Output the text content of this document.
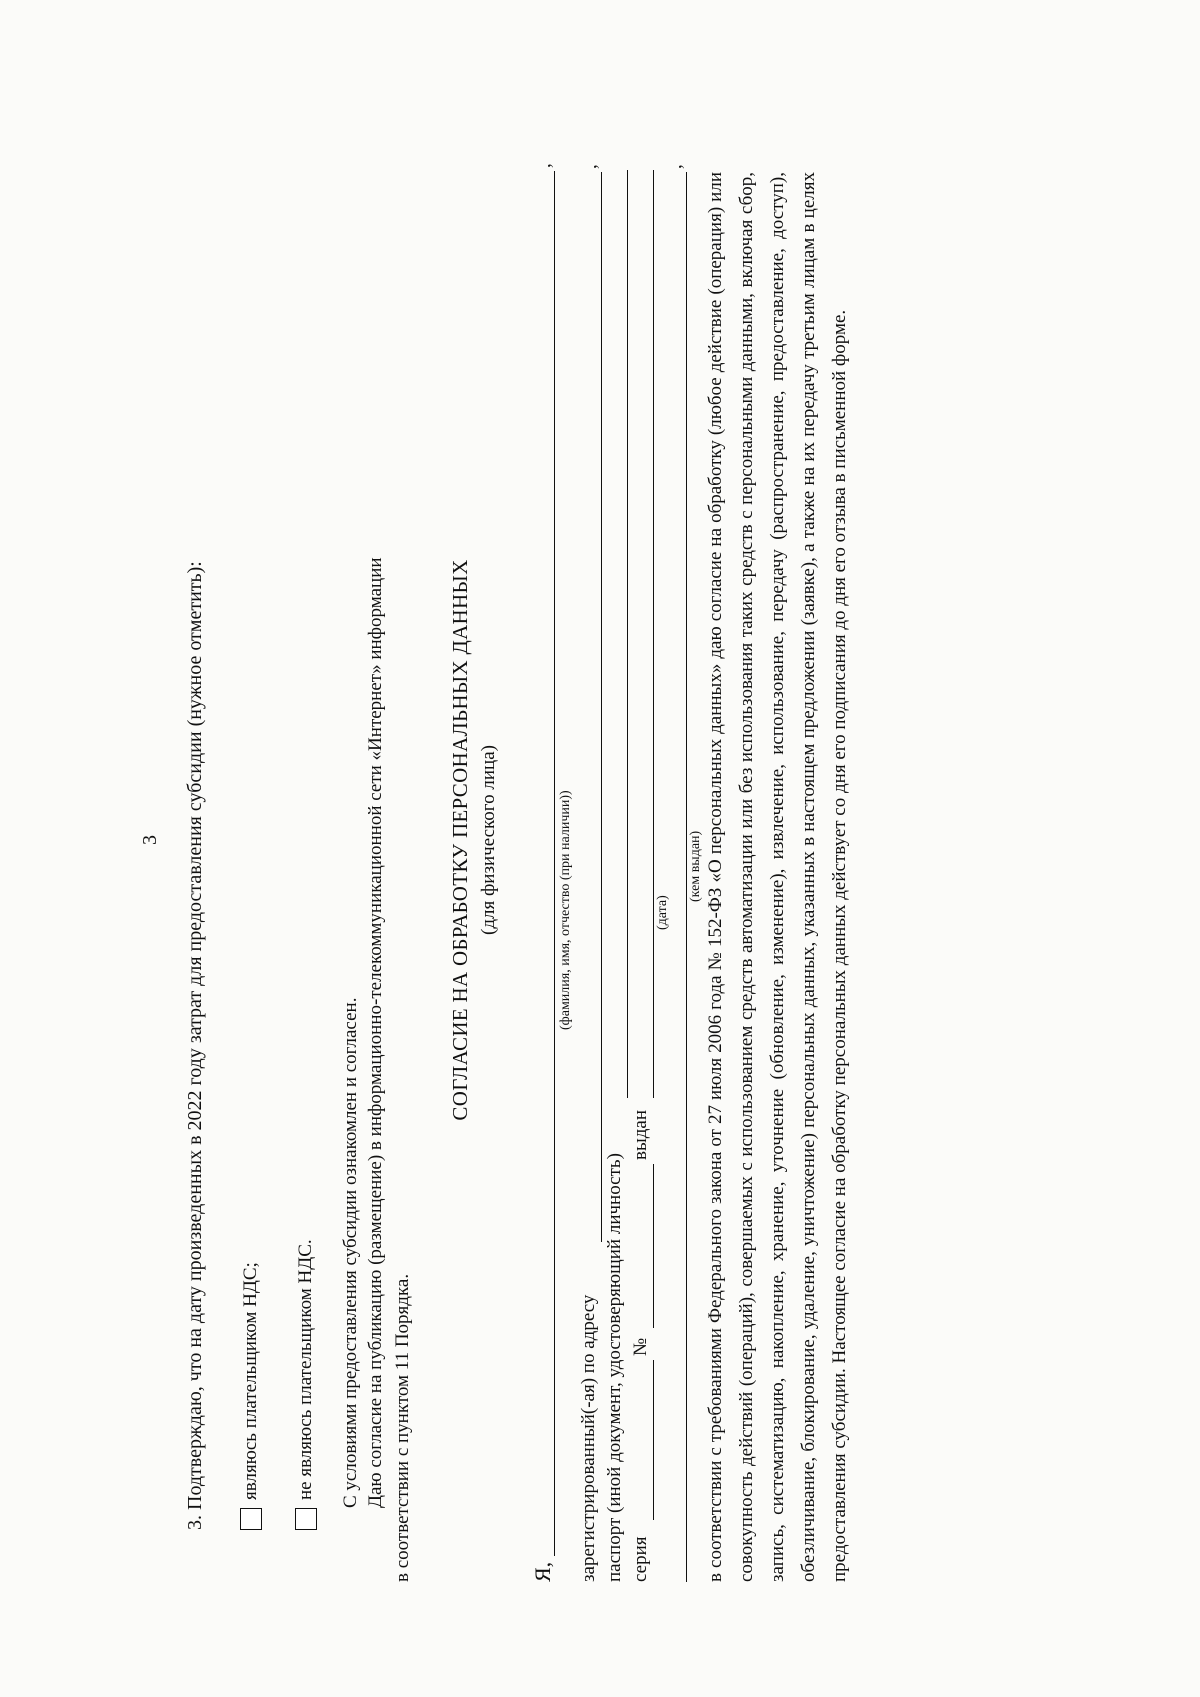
3 3. Подтверждаю, что на дату произведенных в 2022 году затрат для предоставления субсидии (нужное отметить): являюсь плательщиком НДС; не являюсь плательщиком НДС. С условиями предоставления субсидии ознакомлен и согласен. Даю согласие на публикацию (размещение) в информационно-телекоммуникационной сети «Интернет» информации в соответствии с пунктом 11 Порядка.
СОГЛАСИЕ НА ОБРАБОТКУ ПЕРСОНАЛЬНЫХ ДАННЫХ (для физического лица)
Я,
,
(фамилия, имя, отчество (при наличии))
зарегистрированный(-ая) по адресу
,
паспорт (иной документ, удостоверяющий личность) серия
№
выдан
(дата)
,
(кем выдан) в соответствии с требованиями Федерального закона от 27 июля 2006 года № 152-ФЗ «О персональных данных» даю согласие на обработку (любое действие (операция) или совокупность действий (операций), совершаемых с использованием средств автоматизации или без использования таких средств с персональными данными, включая сбор, запись, систематизацию, накопление, хранение, уточнение (обновление, изменение), извлечение, использование, передачу (распространение, предоставление, доступ), обезличивание, блокирование, удаление, уничтожение) персональных данных, указанных в настоящем предложении (заявке), а также на их передачу третьим лицам в целях предоставления субсидии. Настоящее согласие на обработку персональных данных действует со дня его подписания до дня его отзыва в письменной форме.
